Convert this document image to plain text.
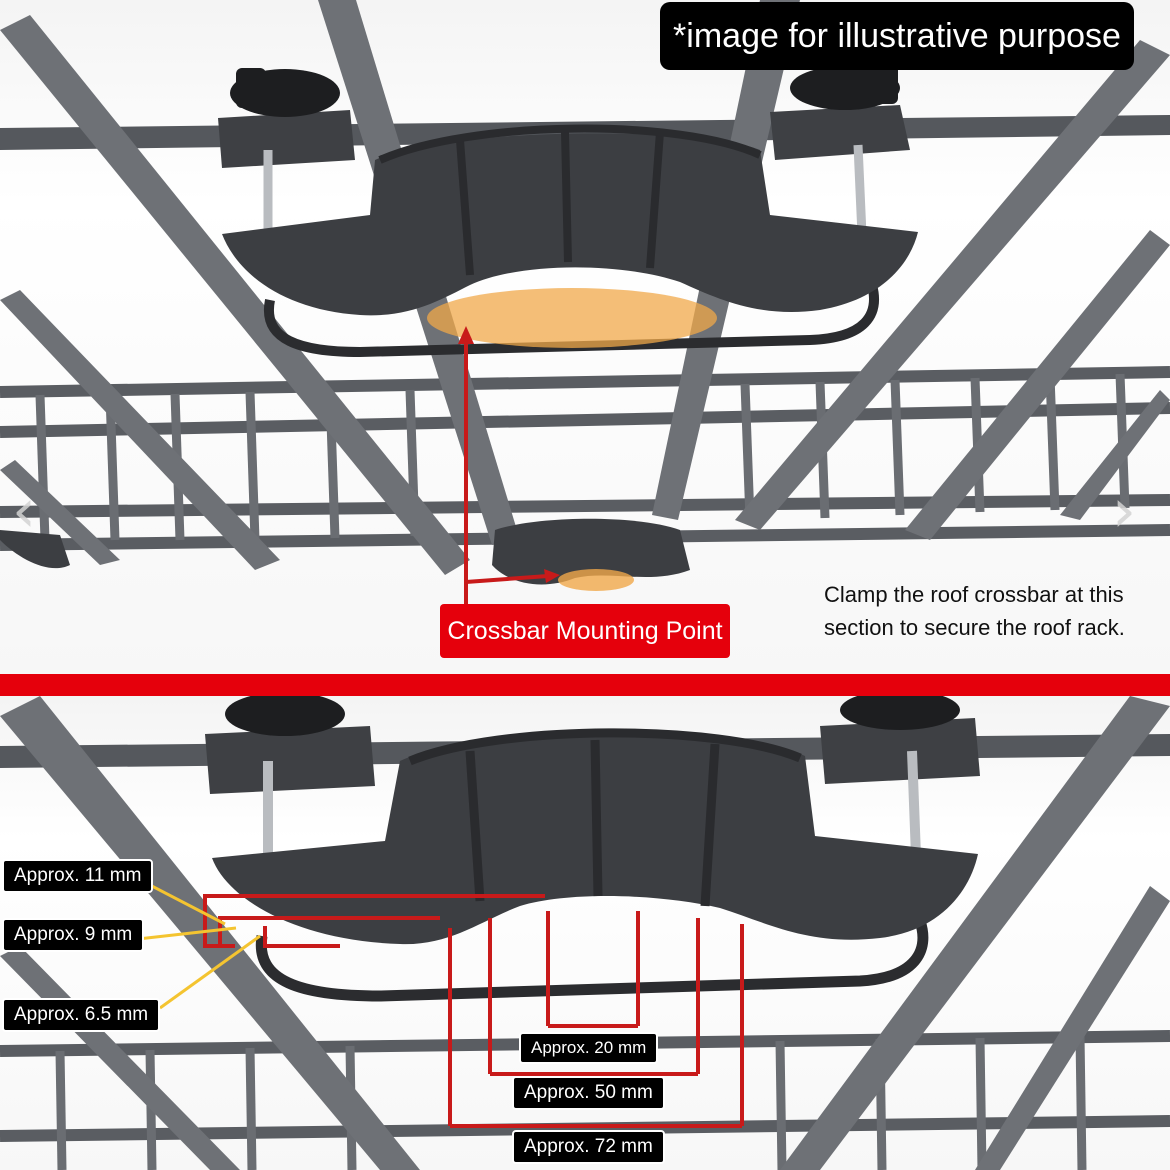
*image for illustrative purpose
Crossbar Mounting Point
Clamp the roof crossbar at this section to secure the roof rack.
‹	›
Approx. 11 mm
Approx. 9 mm
Approx. 6.5 mm
Approx. 20 mm
Approx. 50 mm
Approx. 72 mm
